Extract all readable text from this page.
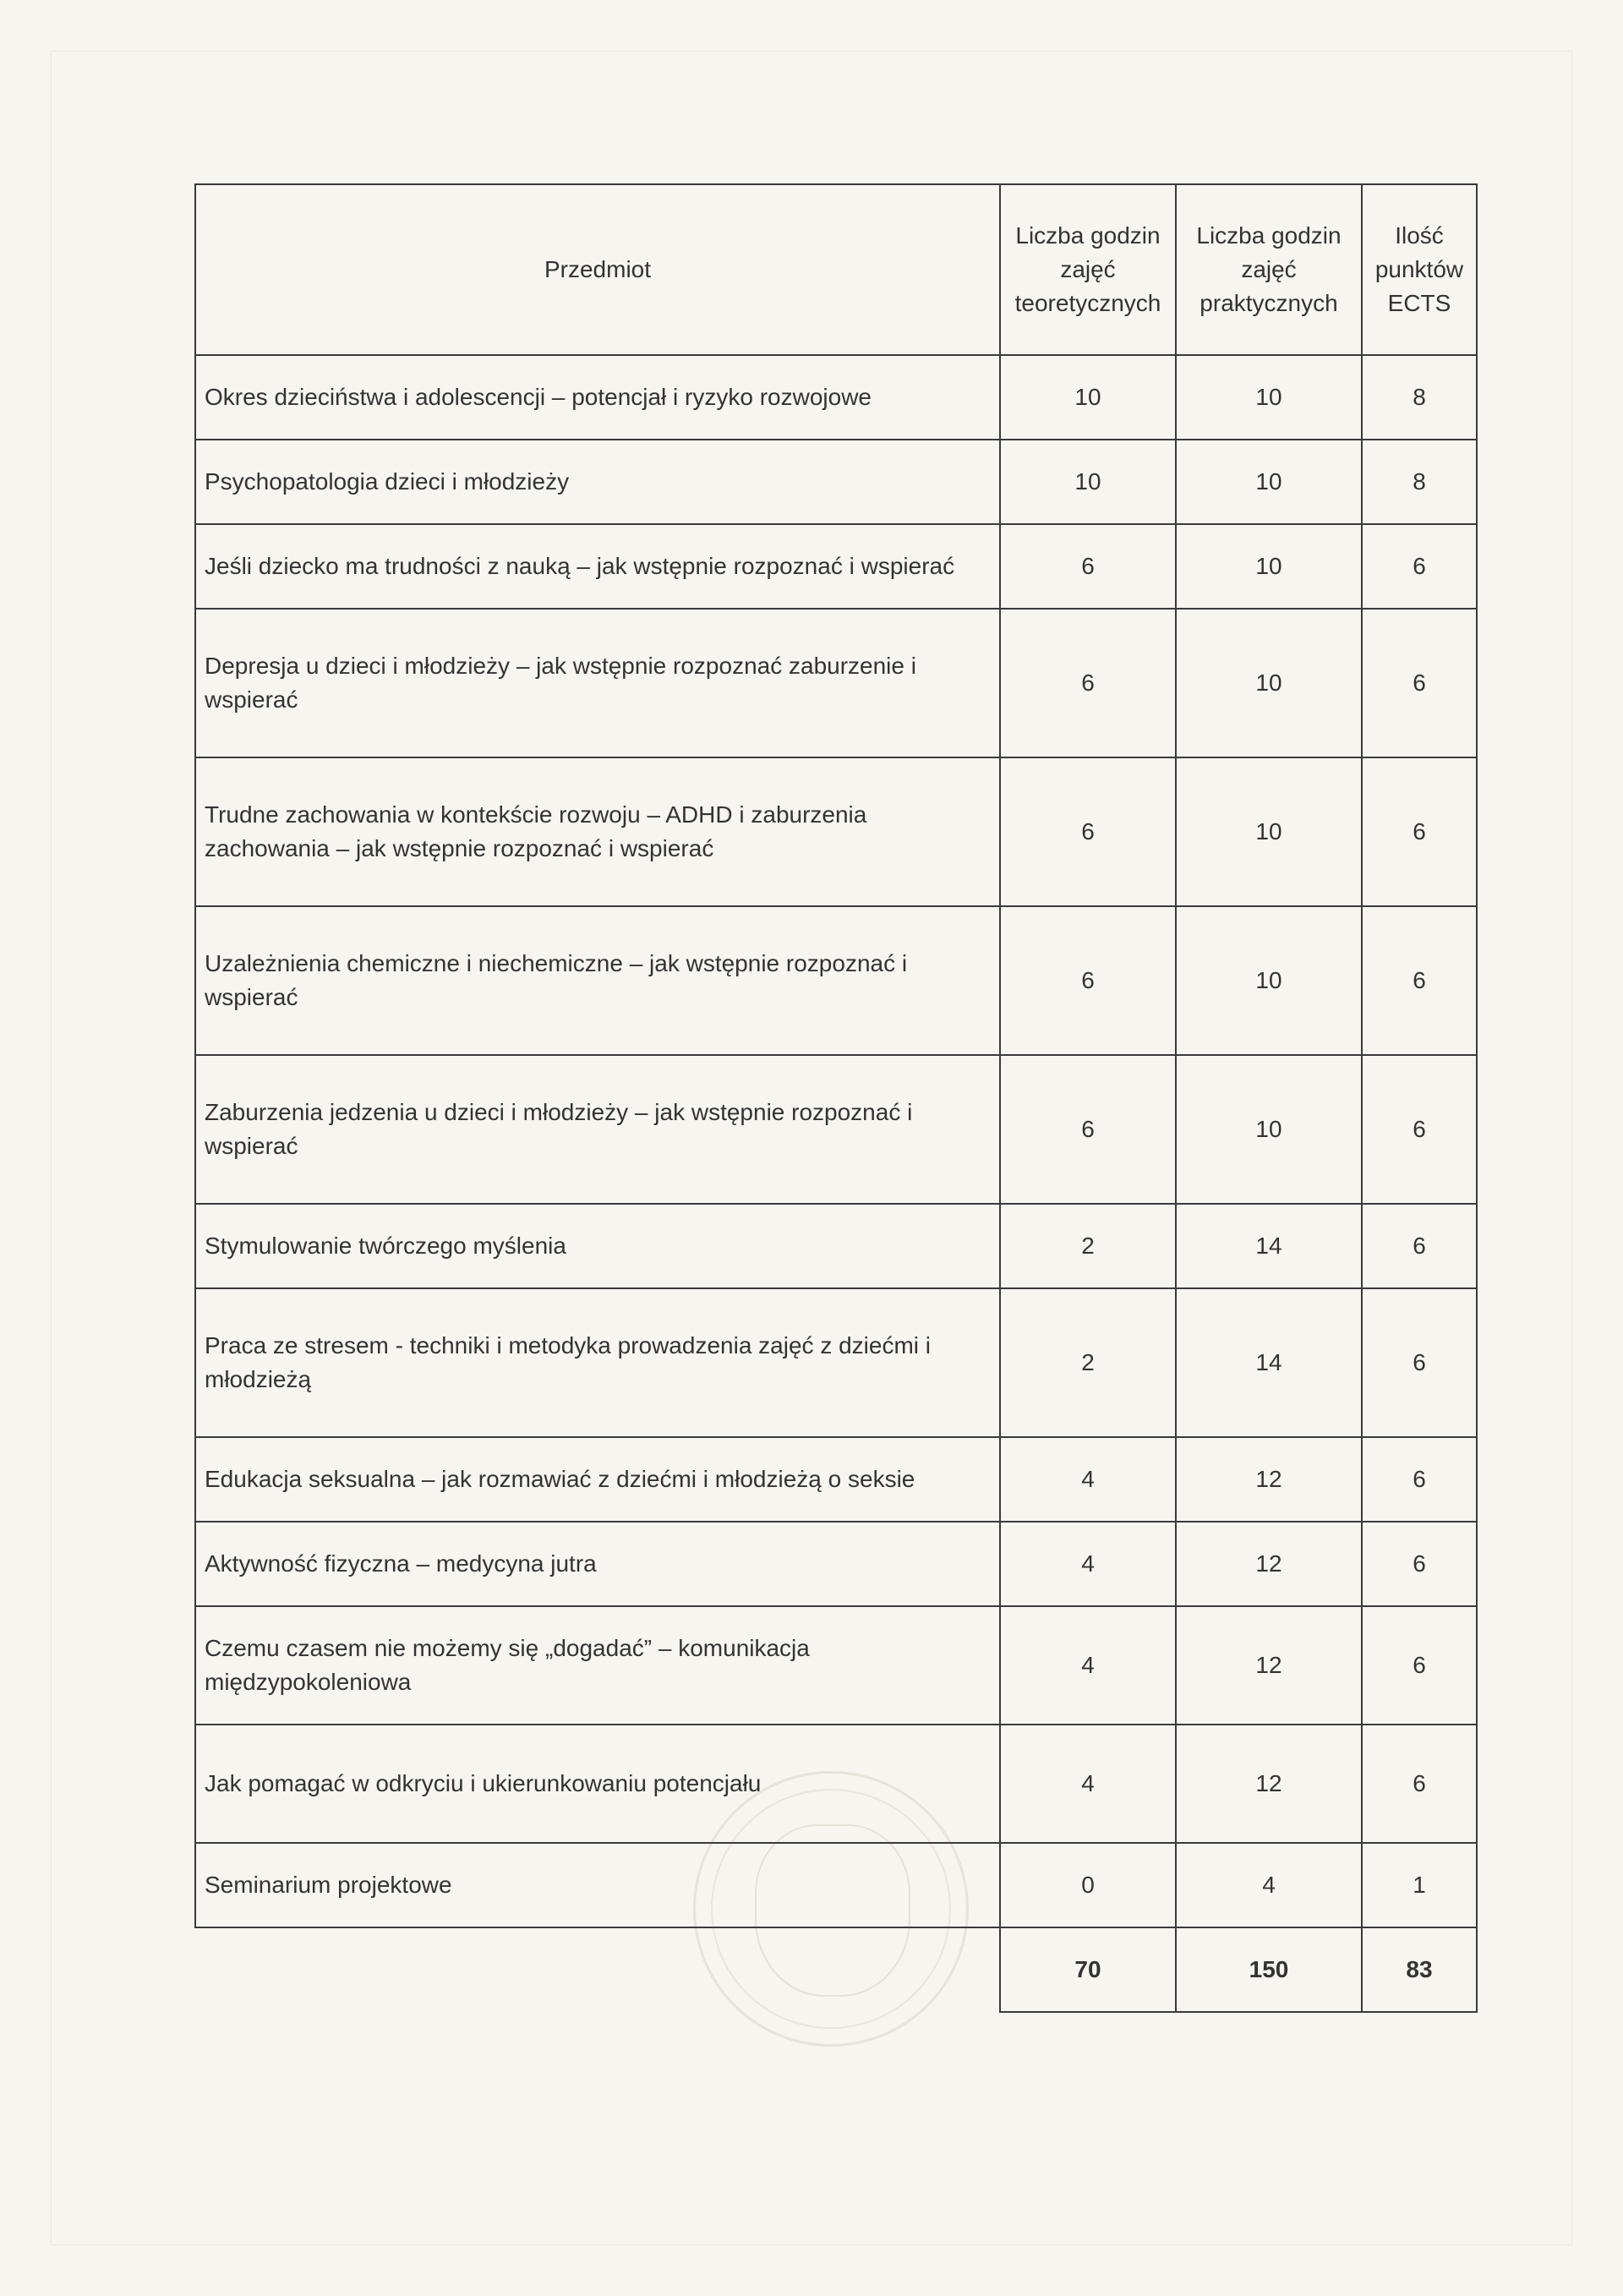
Przedmiot	Liczba godzin zajęć teoretycznych	Liczba godzin zajęć praktycznych	Ilość punktów ECTS
Okres dzieciństwa i adolescencji – potencjał i ryzyko rozwojowe	10	10	8
Psychopatologia dzieci i młodzieży	10	10	8
Jeśli dziecko ma trudności z nauką – jak wstępnie rozpoznać i wspierać	6	10	6
Depresja u dzieci i młodzieży – jak wstępnie rozpoznać zaburzenie i wspierać	6	10	6
Trudne zachowania w kontekście rozwoju – ADHD i zaburzenia zachowania – jak wstępnie rozpoznać i wspierać	6	10	6
Uzależnienia chemiczne i niechemiczne – jak wstępnie rozpoznać i wspierać	6	10	6
Zaburzenia jedzenia u dzieci i młodzieży – jak wstępnie rozpoznać i wspierać	6	10	6
Stymulowanie twórczego myślenia	2	14	6
Praca ze stresem - techniki i metodyka prowadzenia zajęć z dziećmi i młodzieżą	2	14	6
Edukacja seksualna – jak rozmawiać z dziećmi i młodzieżą o seksie	4	12	6
Aktywność fizyczna – medycyna jutra	4	12	6
Czemu czasem nie możemy się „dogadać” – komunikacja międzypokoleniowa	4	12	6
Jak pomagać w odkryciu i ukierunkowaniu potencjału	4	12	6
Seminarium projektowe	0	4	1
	70	150	83
